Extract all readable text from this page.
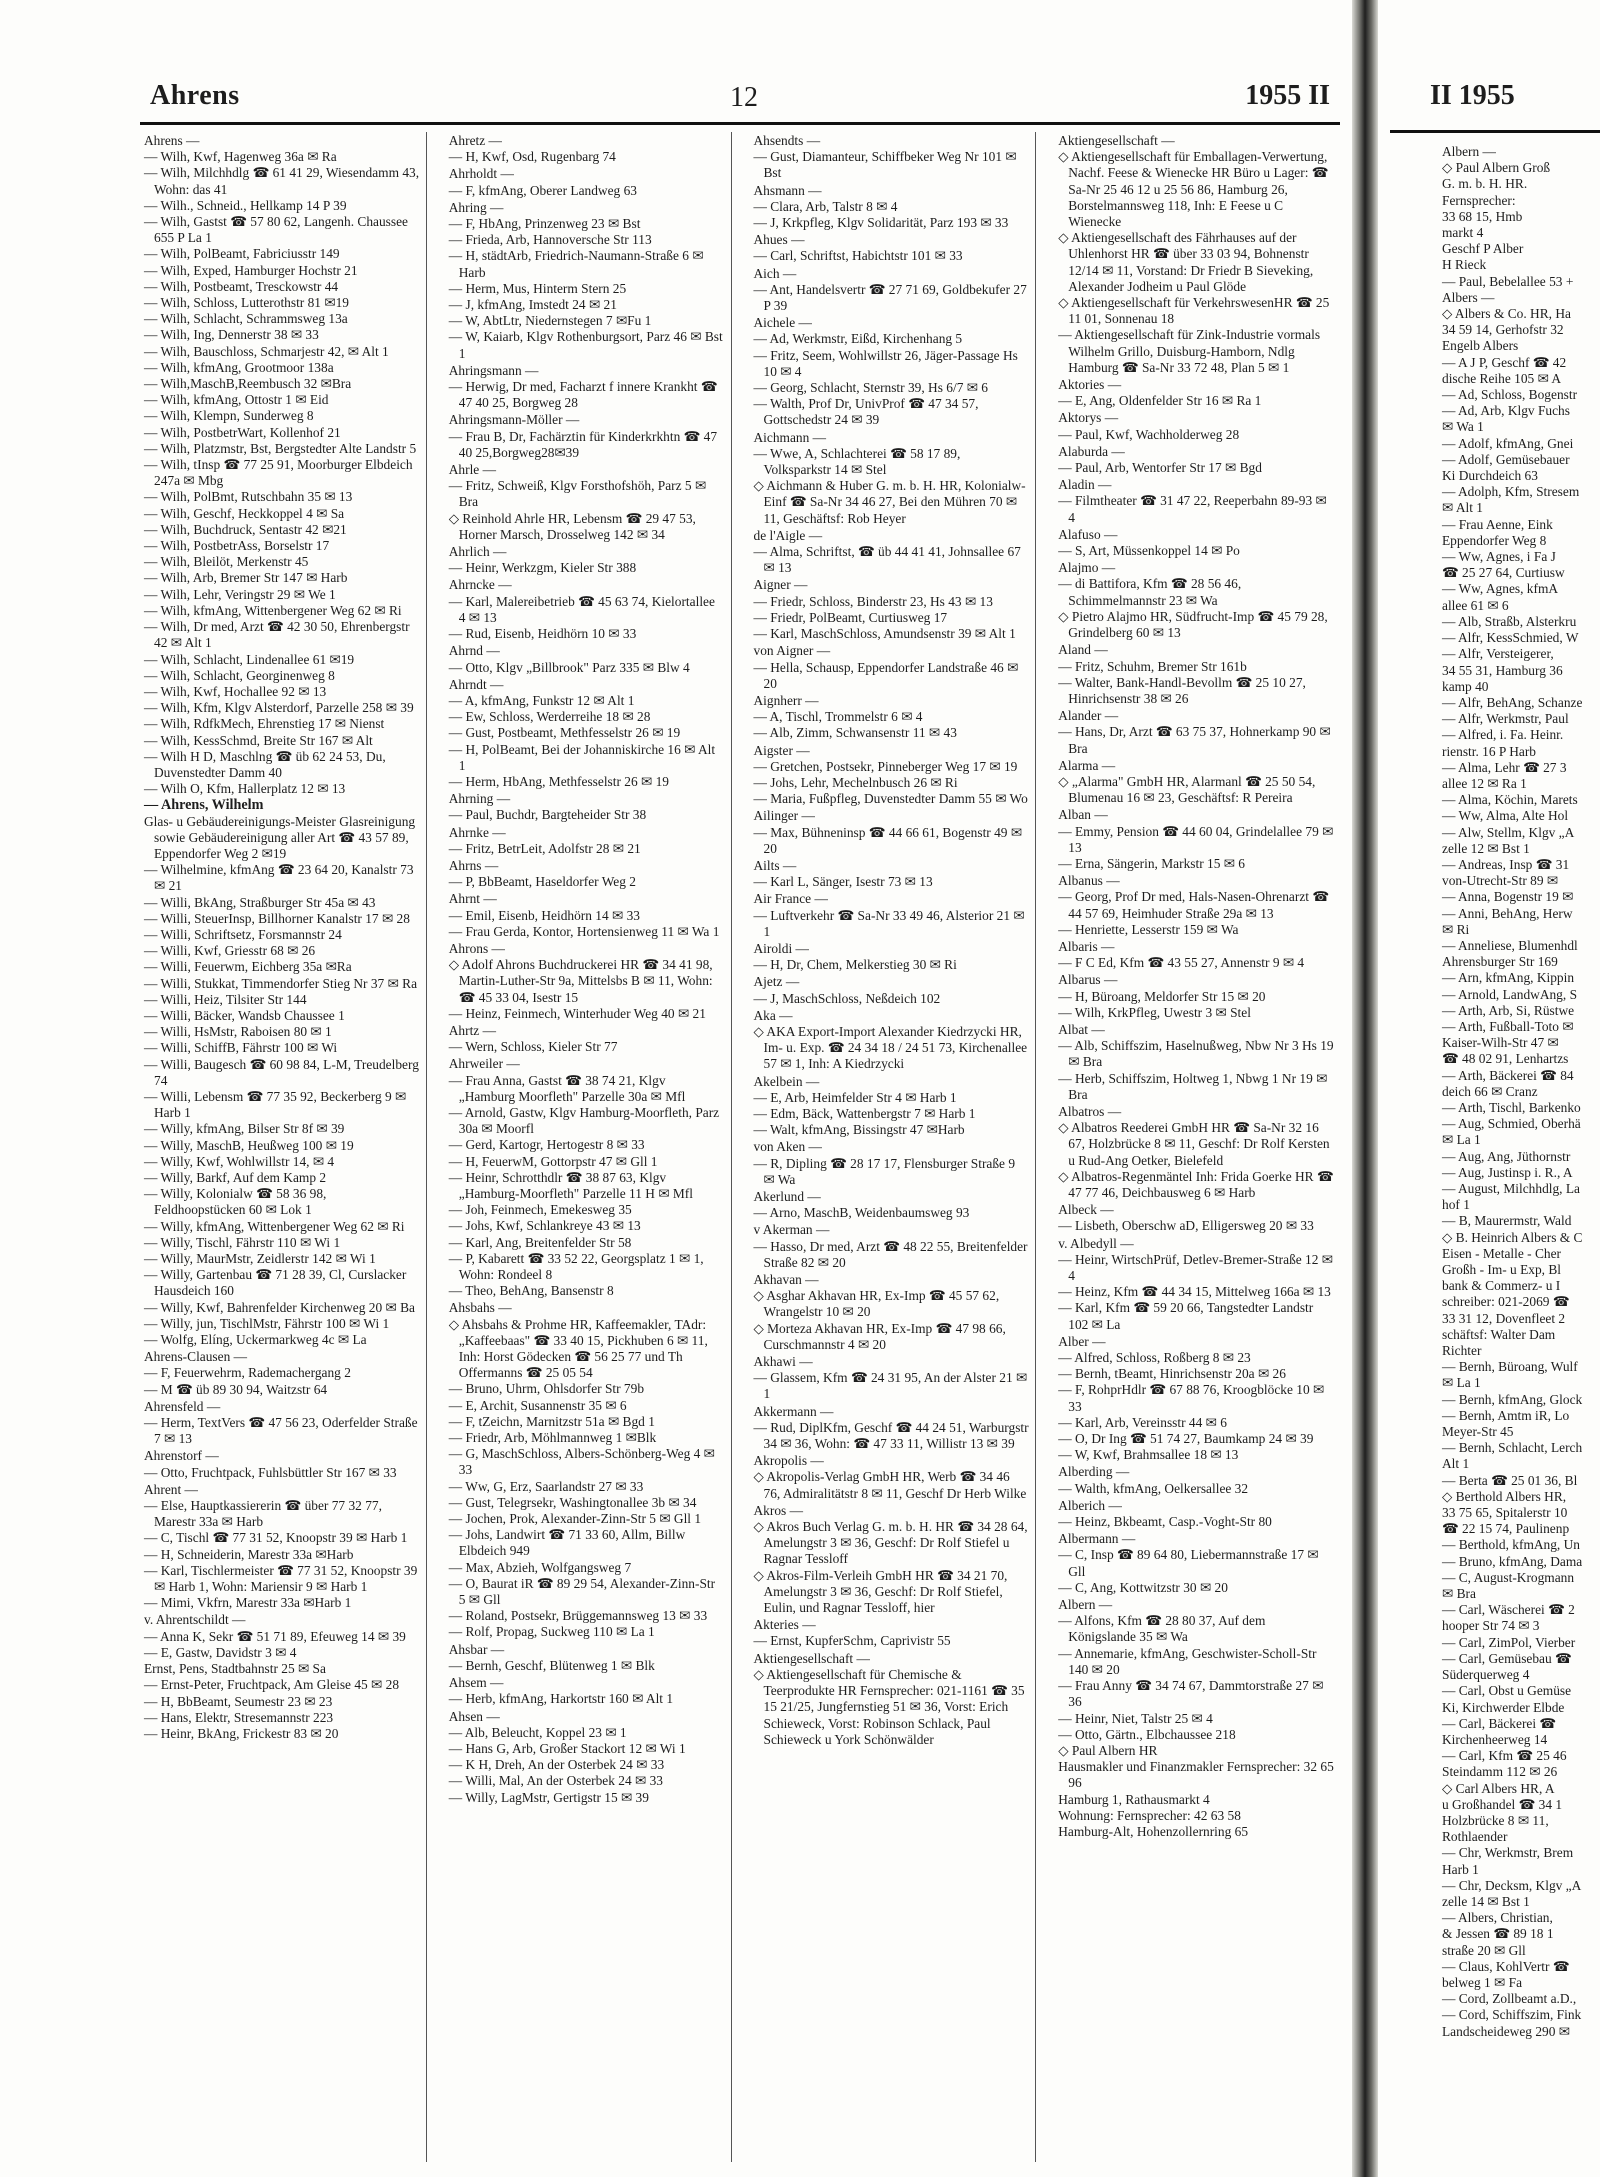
Ahrens	12	1955 II

Ahrens —

— Wilh, Kwf, Hagenweg 36a ✉ Ra

— Wilh, Milchhdlg ☎ 61 41 29, Wiesendamm 43, Wohn: das 41

— Wilh., Schneid., Hellkamp 14 P 39

— Wilh, Gastst ☎ 57 80 62, Langenh. Chaussee 655 P La 1

— Wilh, PolBeamt, Fabriciusstr 149

— Wilh, Exped, Hamburger Hochstr 21

— Wilh, Postbeamt, Tresckowstr 44

— Wilh, Schloss, Lutterothstr 81 ✉19

— Wilh, Schlacht, Schrammsweg 13a

— Wilh, Ing, Dennerstr 38 ✉ 33

— Wilh, Bauschloss, Schmarjestr 42, ✉ Alt 1

— Wilh, kfmAng, Grootmoor 138a

— Wilh,MaschB,Reembusch 32 ✉Bra

— Wilh, kfmAng, Ottostr 1 ✉ Eid

— Wilh, Klempn, Sunderweg 8

— Wilh, PostbetrWart, Kollenhof 21

— Wilh, Platzmstr, Bst, Bergstedter Alte Landstr 5

— Wilh, tInsp ☎ 77 25 91, Moorburger Elbdeich 247a ✉ Mbg

— Wilh, PolBmt, Rutschbahn 35 ✉ 13

— Wilh, Geschf, Heckkoppel 4 ✉ Sa

— Wilh, Buchdruck, Sentastr 42 ✉21

— Wilh, PostbetrAss, Borselstr 17

— Wilh, Bleilöt, Merkenstr 45

— Wilh, Arb, Bremer Str 147 ✉ Harb

— Wilh, Lehr, Veringstr 29 ✉ We 1

— Wilh, kfmAng, Wittenbergener Weg 62 ✉ Ri

— Wilh, Dr med, Arzt ☎ 42 30 50, Ehrenbergstr 42 ✉ Alt 1

— Wilh, Schlacht, Lindenallee 61 ✉19

— Wilh, Schlacht, Georginenweg 8

— Wilh, Kwf, Hochallee 92 ✉ 13

— Wilh, Kfm, Klgv Alsterdorf, Parzelle 258 ✉ 39

— Wilh, RdfkMech, Ehrenstieg 17 ✉ Nienst

— Wilh, KessSchmd, Breite Str 167 ✉ Alt

— Wilh H D, Maschlng ☎ üb 62 24 53, Du, Duvenstedter Damm 40

— Wilh O, Kfm, Hallerplatz 12 ✉ 13

— Ahrens, Wilhelm

Glas- u Gebäudereinigungs-Meister Glasreinigung sowie Gebäudereinigung aller Art ☎ 43 57 89, Eppendorfer Weg 2 ✉19

— Wilhelmine, kfmAng ☎ 23 64 20, Kanalstr 73 ✉ 21

— Willi, BkAng, Straßburger Str 45a ✉ 43

— Willi, SteuerInsp, Billhorner Kanalstr 17 ✉ 28

— Willi, Schriftsetz, Forsmannstr 24

— Willi, Kwf, Griesstr 68 ✉ 26

— Willi, Feuerwm, Eichberg 35a ✉Ra

— Willi, Stukkat, Timmendorfer Stieg Nr 37 ✉ Ra

— Willi, Heiz, Tilsiter Str 144

— Willi, Bäcker, Wandsb Chaussee 1

— Willi, HsMstr, Raboisen 80 ✉ 1

— Willi, SchiffB, Fährstr 100 ✉ Wi

— Willi, Baugesch ☎ 60 98 84, L-M, Treudelberg 74

— Willi, Lebensm ☎ 77 35 92, Beckerberg 9 ✉ Harb 1

— Willy, kfmAng, Bilser Str 8f ✉ 39

— Willy, MaschB, Heußweg 100 ✉ 19

— Willy, Kwf, Wohlwillstr 14, ✉ 4

— Willy, Barkf, Auf dem Kamp 2

— Willy, Kolonialw ☎ 58 36 98, Feldhoopstücken 60 ✉ Lok 1

— Willy, kfmAng, Wittenbergener Weg 62 ✉ Ri

— Willy, Tischl, Fährstr 110 ✉ Wi 1

— Willy, MaurMstr, Zeidlerstr 142 ✉ Wi 1

— Willy, Gartenbau ☎ 71 28 39, Cl, Curslacker Hausdeich 160

— Willy, Kwf, Bahrenfelder Kirchenweg 20 ✉ Ba

— Willy, jun, TischlMstr, Fährstr 100 ✉ Wi 1

— Wolfg, Elíng, Uckermarkweg 4c ✉ La

Ahrens-Clausen —

— F, Feuerwehrm, Rademachergang 2

— M ☎ üb 89 30 94, Waitzstr 64

Ahrensfeld —

— Herm, TextVers ☎ 47 56 23, Oderfelder Straße 7 ✉ 13

Ahrenstorf —

— Otto, Fruchtpack, Fuhlsbüttler Str 167 ✉ 33

Ahrent —

— Else, Hauptkassiererin ☎ über 77 32 77, Marestr 33a ✉ Harb

— C, Tischl ☎ 77 31 52, Knoopstr 39 ✉ Harb 1

— H, Schneiderin, Marestr 33a ✉Harb

— Karl, Tischlermeister ☎ 77 31 52, Knoopstr 39 ✉ Harb 1, Wohn: Mariensir 9 ✉ Harb 1

— Mimi, Vkfrn, Marestr 33a ✉Harb 1

v. Ahrentschildt —

— Anna K, Sekr ☎ 51 71 89, Efeuweg 14 ✉ 39

— E, Gastw, Davidstr 3 ✉ 4

Ernst, Pens, Stadtbahnstr 25 ✉ Sa

— Ernst-Peter, Fruchtpack, Am Gleise 45 ✉ 28

— H, BbBeamt, Seumestr 23 ✉ 23

— Hans, Elektr, Stresemannstr 223

— Heinr, BkAng, Frickestr 83 ✉ 20

Ahretz —

— H, Kwf, Osd, Rugenbarg 74

Ahrholdt —

— F, kfmAng, Oberer Landweg 63

Ahring —

— F, HbAng, Prinzenweg 23 ✉ Bst

— Frieda, Arb, Hannoversche Str 113

— H, städtArb, Friedrich-Naumann-Straße 6 ✉ Harb

— Herm, Mus, Hinterm Stern 25

— J, kfmAng, Imstedt 24 ✉ 21

— W, AbtLtr, Niedernstegen 7 ✉Fu 1

— W, Kaiarb, Klgv Rothenburgsort, Parz 46 ✉ Bst 1

Ahringsmann —

— Herwig, Dr med, Facharzt f innere Krankht ☎ 47 40 25, Borgweg 28

Ahringsmann-Möller —

— Frau B, Dr, Fachärztin für Kinderkrkhtn ☎ 47 40 25,Borgweg28✉39

Ahrle —

— Fritz, Schweiß, Klgv Forsthofshöh, Parz 5 ✉Bra

◇ Reinhold Ahrle HR, Lebensm ☎ 29 47 53, Horner Marsch, Drosselweg 142 ✉ 34

Ahrlich —

— Heinr, Werkzgm, Kieler Str 388

Ahrncke —

— Karl, Malereibetrieb ☎ 45 63 74, Kielortallee 4 ✉ 13

— Rud, Eisenb, Heidhörn 10 ✉ 33

Ahrnd —

— Otto, Klgv „Billbrook" Parz 335 ✉ Blw 4

Ahrndt —

— A, kfmAng, Funkstr 12 ✉ Alt 1

— Ew, Schloss, Werderreihe 18 ✉ 28

— Gust, Postbeamt, Methfesselstr 26 ✉ 19

— H, PolBeamt, Bei der Johanniskirche 16 ✉ Alt 1

— Herm, HbAng, Methfesselstr 26 ✉ 19

Ahrning —

— Paul, Buchdr, Bargteheider Str 38

Ahrnke —

— Fritz, BetrLeit, Adolfstr 28 ✉ 21

Ahrns —

— P, BbBeamt, Haseldorfer Weg 2

Ahrnt —

— Emil, Eisenb, Heidhörn 14 ✉ 33

— Frau Gerda, Kontor, Hortensienweg 11 ✉ Wa 1

Ahrons —

◇ Adolf Ahrons Buchdruckerei HR ☎ 34 41 98, Martin-Luther-Str 9a, Mittelsbs B ✉ 11, Wohn: ☎ 45 33 04, Isestr 15

— Heinz, Feinmech, Winterhuder Weg 40 ✉ 21

Ahrtz —

— Wern, Schloss, Kieler Str 77

Ahrweiler —

— Frau Anna, Gastst ☎ 38 74 21, Klgv „Hamburg Moorfleth" Parzelle 30a ✉ Mfl

— Arnold, Gastw, Klgv Hamburg-Moorfleth, Parz 30a ✉ Moorfl

— Gerd, Kartogr, Hertogestr 8 ✉ 33

— H, FeuerwM, Gottorpstr 47 ✉ Gll 1

— Heinr, Schrotthdlr ☎ 38 87 63, Klgv „Hamburg-Moorfleth" Parzelle 11 H ✉ Mfl

— Joh, Feinmech, Emekesweg 35

— Johs, Kwf, Schlankreye 43 ✉ 13

— Karl, Ang, Breitenfelder Str 58

— P, Kabarett ☎ 33 52 22, Georgsplatz 1 ✉ 1, Wohn: Rondeel 8

— Theo, BehAng, Bansenstr 8

Ahsbahs —

◇ Ahsbahs & Prohme HR, Kaffeemakler, TAdr: „Kaffeebaas" ☎ 33 40 15, Pickhuben 6 ✉ 11, Inh: Horst Gödecken ☎ 56 25 77 und Th Offermanns ☎ 25 05 54

— Bruno, Uhrm, Ohlsdorfer Str 79b

— E, Archit, Susannenstr 35 ✉ 6

— F, tZeichn, Marnitzstr 51a ✉ Bgd 1

— Friedr, Arb, Möhlmannweg 1 ✉Blk

— G, MaschSchloss, Albers-Schönberg-Weg 4 ✉ 33

— Ww, G, Erz, Saarlandstr 27 ✉ 33

— Gust, Telegrsekr, Washingtonallee 3b ✉ 34

— Jochen, Prok, Alexander-Zinn-Str 5 ✉ Gll 1

— Johs, Landwirt ☎ 71 33 60, Allm, Billw Elbdeich 949

— Max, Abzieh, Wolfgangsweg 7

— O, Baurat iR ☎ 89 29 54, Alexander-Zinn-Str 5 ✉ Gll

— Roland, Postsekr, Brüggemannsweg 13 ✉ 33

— Rolf, Propag, Suckweg 110 ✉ La 1

Ahsbar —

— Bernh, Geschf, Blütenweg 1 ✉ Blk

Ahsem —

— Herb, kfmAng, Harkortstr 160 ✉ Alt 1

Ahsen —

— Alb, Beleucht, Koppel 23 ✉ 1

— Hans G, Arb, Großer Stackort 12 ✉ Wi 1

— K H, Dreh, An der Osterbek 24 ✉ 33

— Willi, Mal, An der Osterbek 24 ✉ 33

— Willy, LagMstr, Gertigstr 15 ✉ 39

Ahsendts —

— Gust, Diamanteur, Schiffbeker Weg Nr 101 ✉ Bst

Ahsmann —

— Clara, Arb, Talstr 8 ✉ 4

— J, Krkpfleg, Klgv Solidarität, Parz 193 ✉ 33

Ahues —

— Carl, Schriftst, Habichtstr 101 ✉ 33

Aich —

— Ant, Handelsvertr ☎ 27 71 69, Goldbekufer 27 P 39

Aichele —

— Ad, Werkmstr, Eißd, Kirchenhang 5

— Fritz, Seem, Wohlwillstr 26, Jäger-Passage Hs 10 ✉ 4

— Georg, Schlacht, Sternstr 39, Hs 6/7 ✉ 6

— Walth, Prof Dr, UnivProf ☎ 47 34 57, Gottschedstr 24 ✉ 39

Aichmann —

— Wwe, A, Schlachterei ☎ 58 17 89, Volksparkstr 14 ✉ Stel

◇ Aichmann & Huber G. m. b. H. HR, Kolonialw-Einf ☎ Sa-Nr 34 46 27, Bei den Mühren 70 ✉ 11, Geschäftsf: Rob Heyer

de l'Aigle —

— Alma, Schriftst, ☎ üb 44 41 41, Johnsallee 67 ✉ 13

Aigner —

— Friedr, Schloss, Binderstr 23, Hs 43 ✉ 13

— Friedr, PolBeamt, Curtiusweg 17

— Karl, MaschSchloss, Amundsenstr 39 ✉ Alt 1

von Aigner —

— Hella, Schausp, Eppendorfer Landstraße 46 ✉ 20

Aignherr —

— A, Tischl, Trommelstr 6 ✉ 4

— Alb, Zimm, Schwansenstr 11 ✉ 43

Aigster —

— Gretchen, Postsekr, Pinneberger Weg 17 ✉ 19

— Johs, Lehr, Mechelnbusch 26 ✉ Ri

— Maria, Fußpfleg, Duvenstedter Damm 55 ✉ Wo

Ailinger —

— Max, Bühneninsp ☎ 44 66 61, Bogenstr 49 ✉ 20

Ailts —

— Karl L, Sänger, Isestr 73 ✉ 13

Air France —

— Luftverkehr ☎ Sa-Nr 33 49 46, Alsterior 21 ✉ 1

Airoldi —

— H, Dr, Chem, Melkerstieg 30 ✉ Ri

Ajetz —

— J, MaschSchloss, Neßdeich 102

Aka —

◇ AKA Export-Import Alexander Kiedrzycki HR, Im- u. Exp. ☎ 24 34 18 / 24 51 73, Kirchenallee 57 ✉ 1, Inh: A Kiedrzycki

Akelbein —

— E, Arb, Heimfelder Str 4 ✉ Harb 1

— Edm, Bäck, Wattenbergstr 7 ✉ Harb 1

— Walt, kfmAng, Bissingstr 47 ✉Harb

von Aken —

— R, Dipling ☎ 28 17 17, Flensburger Straße 9 ✉ Wa

Akerlund —

— Arno, MaschB, Weidenbaumsweg 93

v Akerman —

— Hasso, Dr med, Arzt ☎ 48 22 55, Breitenfelder Straße 82 ✉ 20

Akhavan —

◇ Asghar Akhavan HR, Ex-Imp ☎ 45 57 62, Wrangelstr 10 ✉ 20

◇ Morteza Akhavan HR, Ex-Imp ☎ 47 98 66, Curschmannstr 4 ✉ 20

Akhawi —

— Glassem, Kfm ☎ 24 31 95, An der Alster 21 ✉ 1

Akkermann —

— Rud, DiplKfm, Geschf ☎ 44 24 51, Warburgstr 34 ✉ 36, Wohn: ☎ 47 33 11, Willistr 13 ✉ 39

Akropolis —

◇ Akropolis-Verlag GmbH HR, Werb ☎ 34 46 76, Admiralitätstr 8 ✉ 11, Geschf Dr Herb Wilke

Akros —

◇ Akros Buch Verlag G. m. b. H. HR ☎ 34 28 64, Amelungstr 3 ✉ 36, Geschf: Dr Rolf Stiefel u Ragnar Tessloff

◇ Akros-Film-Verleih GmbH HR ☎ 34 21 70, Amelungstr 3 ✉ 36, Geschf: Dr Rolf Stiefel, Eulin, und Ragnar Tessloff, hier

Akteries —

— Ernst, KupferSchm, Caprivistr 55

Aktiengesellschaft —

◇ Aktiengesellschaft für Chemische & Teerprodukte HR Fernsprecher: 021-1161 ☎ 35 15 21/25, Jungfernstieg 51 ✉ 36, Vorst: Erich Schieweck, Vorst: Robinson Schlack, Paul Schieweck u York Schönwälder

Aktiengesellschaft —

◇ Aktiengesellschaft für Emballagen-Verwertung, Nachf. Feese & Wienecke HR Büro u Lager: ☎ Sa-Nr 25 46 12 u 25 56 86, Hamburg 26, Borstelmannsweg 118, Inh: E Feese u C Wienecke

◇ Aktiengesellschaft des Fährhauses auf der Uhlenhorst HR ☎ über 33 03 94, Bohnenstr 12/14 ✉ 11, Vorstand: Dr Friedr B Sieveking, Alexander Jodheim u Paul Glöde

◇ Aktiengesellschaft für VerkehrswesenHR ☎ 25 11 01, Sonnenau 18

— Aktiengesellschaft für Zink-Industrie vormals Wilhelm Grillo, Duisburg-Hamborn, Ndlg Hamburg ☎ Sa-Nr 33 72 48, Plan 5 ✉ 1

Aktories —

— E, Ang, Oldenfelder Str 16 ✉ Ra 1

Aktorys —

— Paul, Kwf, Wachholderweg 28

Alaburda —

— Paul, Arb, Wentorfer Str 17 ✉ Bgd

Aladin —

— Filmtheater ☎ 31 47 22, Reeperbahn 89-93 ✉ 4

Alafuso —

— S, Art, Müssenkoppel 14 ✉ Po

Alajmo —

— di Battifora, Kfm ☎ 28 56 46, Schimmelmannstr 23 ✉ Wa

◇ Pietro Alajmo HR, Südfrucht-Imp ☎ 45 79 28, Grindelberg 60 ✉ 13

Aland —

— Fritz, Schuhm, Bremer Str 161b

— Walter, Bank-Handl-Bevollm ☎ 25 10 27, Hinrichsenstr 38 ✉ 26

Alander —

— Hans, Dr, Arzt ☎ 63 75 37, Hohnerkamp 90 ✉ Bra

Alarma —

◇ „Alarma" GmbH HR, Alarmanl ☎ 25 50 54, Blumenau 16 ✉ 23, Geschäftsf: R Pereira

Alban —

— Emmy, Pension ☎ 44 60 04, Grindelallee 79 ✉ 13

— Erna, Sängerin, Markstr 15 ✉ 6

Albanus —

— Georg, Prof Dr med, Hals-Nasen-Ohrenarzt ☎ 44 57 69, Heimhuder Straße 29a ✉ 13

— Henriette, Lesserstr 159 ✉ Wa

Albaris —

— F C Ed, Kfm ☎ 43 55 27, Annenstr 9 ✉ 4

Albarus —

— H, Büroang, Meldorfer Str 15 ✉ 20

— Wilh, KrkPfleg, Uwestr 3 ✉ Stel

Albat —

— Alb, Schiffszim, Haselnußweg, Nbw Nr 3 Hs 19 ✉ Bra

— Herb, Schiffszim, Holtweg 1, Nbwg 1 Nr 19 ✉ Bra

Albatros —

◇ Albatros Reederei GmbH HR ☎ Sa-Nr 32 16 67, Holzbrücke 8 ✉ 11, Geschf: Dr Rolf Kersten u Rud-Ang Oetker, Bielefeld

◇ Albatros-Regenmäntel Inh: Frida Goerke HR ☎ 47 77 46, Deichbausweg 6 ✉ Harb

Albeck —

— Lisbeth, Oberschw aD, Elligersweg 20 ✉ 33

v. Albedyll —

— Heinr, WirtschPrüf, Detlev-Bremer-Straße 12 ✉ 4

— Heinz, Kfm ☎ 44 34 15, Mittelweg 166a ✉ 13

— Karl, Kfm ☎ 59 20 66, Tangstedter Landstr 102 ✉ La

Alber —

— Alfred, Schloss, Roßberg 8 ✉ 23

— Bernh, tBeamt, Hinrichsenstr 20a ✉ 26

— F, RohprHdlr ☎ 67 88 76, Kroogblöcke 10 ✉ 33

— Karl, Arb, Vereinsstr 44 ✉ 6

— O, Dr Ing ☎ 51 74 27, Baumkamp 24 ✉ 39

— W, Kwf, Brahmsallee 18 ✉ 13

Alberding —

— Walth, kfmAng, Oelkersallee 32

Alberich —

— Heinz, Bkbeamt, Casp.-Voght-Str 80

Albermann —

— C, Insp ☎ 89 64 80, Liebermannstraße 17 ✉ Gll

— C, Ang, Kottwitzstr 30 ✉ 20

Albern —

— Alfons, Kfm ☎ 28 80 37, Auf dem Königslande 35 ✉ Wa

— Annemarie, kfmAng, Geschwister-Scholl-Str 140 ✉ 20

— Frau Anny ☎ 34 74 67, Dammtorstraße 27 ✉ 36

— Heinr, Niet, Talstr 25 ✉ 4

— Otto, Gärtn., Elbchaussee 218

◇ Paul Albern HR

Hausmakler und Finanzmakler Fernsprecher: 32 65 96

Hamburg 1, Rathausmarkt 4

Wohnung: Fernsprecher: 42 63 58

Hamburg-Alt, Hohenzollernring 65

II 1955
Albern —
◇ Paul Albern Groß
G. m. b. H. HR.
Fernsprecher:
33 68 15, Hmb
markt 4
Geschf P Alber
H Rieck
— Paul, Bebelallee 53 +
Albers —
◇ Albers & Co. HR, Ha
34 59 14, Gerhofstr 32
Engelb Albers
— A J P, Geschf ☎ 42
dische Reihe 105 ✉ A
— Ad, Schloss, Bogenstr
— Ad, Arb, Klgv Fuchs
✉ Wa 1
— Adolf, kfmAng, Gnei
— Adolf, Gemüsebauer
Ki Durchdeich 63
— Adolph, Kfm, Stresem
✉ Alt 1
— Frau Aenne, Eink
Eppendorfer Weg 8
— Ww, Agnes, i Fa J
☎ 25 27 64, Curtiusw
— Ww, Agnes, kfmA
allee 61 ✉ 6
— Alb, Straßb, Alsterkru
— Alfr, KessSchmied, W
— Alfr, Versteigerer,
34 55 31, Hamburg 36
kamp 40
— Alfr, BehAng, Schanze
— Alfr, Werkmstr, Paul
— Alfred, i. Fa. Heinr.
rienstr. 16 P Harb
— Alma, Lehr ☎ 27 3
allee 12 ✉ Ra 1
— Alma, Köchin, Marets
— Ww, Alma, Alte Hol
— Alw, Stellm, Klgv „A
zelle 12 ✉ Bst 1
— Andreas, Insp ☎ 31
von-Utrecht-Str 89 ✉
— Anna, Bogenstr 19 ✉
— Anni, BehAng, Herw
✉ Ri
— Anneliese, Blumenhdl
Ahrensburger Str 169
— Arn, kfmAng, Kippin
— Arnold, LandwAng, S
— Arth, Arb, Si, Rüstwe
— Arth, Fußball-Toto ✉
Kaiser-Wilh-Str 47 ✉
☎ 48 02 91, Lenhartzs
— Arth, Bäckerei ☎ 84
deich 66 ✉ Cranz
— Arth, Tischl, Barkenko
— Aug, Schmied, Oberhä
✉ La 1
— Aug, Ang, Jüthornstr
— Aug, Justinsp i. R., A
— August, Milchhdlg, La
hof 1
— B, Maurermstr, Wald
◇ B. Heinrich Albers & C
Eisen - Metalle - Cher
Großh - Im- u Exp, Bl
bank & Commerz- u I
schreiber: 021-2069 ☎
33 31 12, Dovenfleet 2
schäftsf: Walter Dam
Richter
— Bernh, Büroang, Wulf
✉ La 1
— Bernh, kfmAng, Glock
— Bernh, Amtm iR, Lo
Meyer-Str 45
— Bernh, Schlacht, Lerch
Alt 1
— Berta ☎ 25 01 36, Bl
◇ Berthold Albers HR,
33 75 65, Spitalerstr 10
☎ 22 15 74, Paulinenp
— Berthold, kfmAng, Un
— Bruno, kfmAng, Dama
— C, August-Krogmann
✉ Bra
— Carl, Wäscherei ☎ 2
hooper Str 74 ✉ 3
— Carl, ZimPol, Vierber
— Carl, Gemüsebau ☎
Süderquerweg 4
— Carl, Obst u Gemüse
Ki, Kirchwerder Elbde
— Carl, Bäckerei ☎
Kirchenheerweg 14
— Carl, Kfm ☎ 25 46
Steindamm 112 ✉ 26
◇ Carl Albers HR, A
u Großhandel ☎ 34 1
Holzbrücke 8 ✉ 11,
Rothlaender
— Chr, Werkmstr, Brem
Harb 1
— Chr, Decksm, Klgv „A
zelle 14 ✉ Bst 1
— Albers, Christian,
& Jessen ☎ 89 18 1
straße 20 ✉ Gll
— Claus, KohlVertr ☎
belweg 1 ✉ Fa
— Cord, Zollbeamt a.D.,
— Cord, Schiffszim, Fink
Landscheideweg 290 ✉
